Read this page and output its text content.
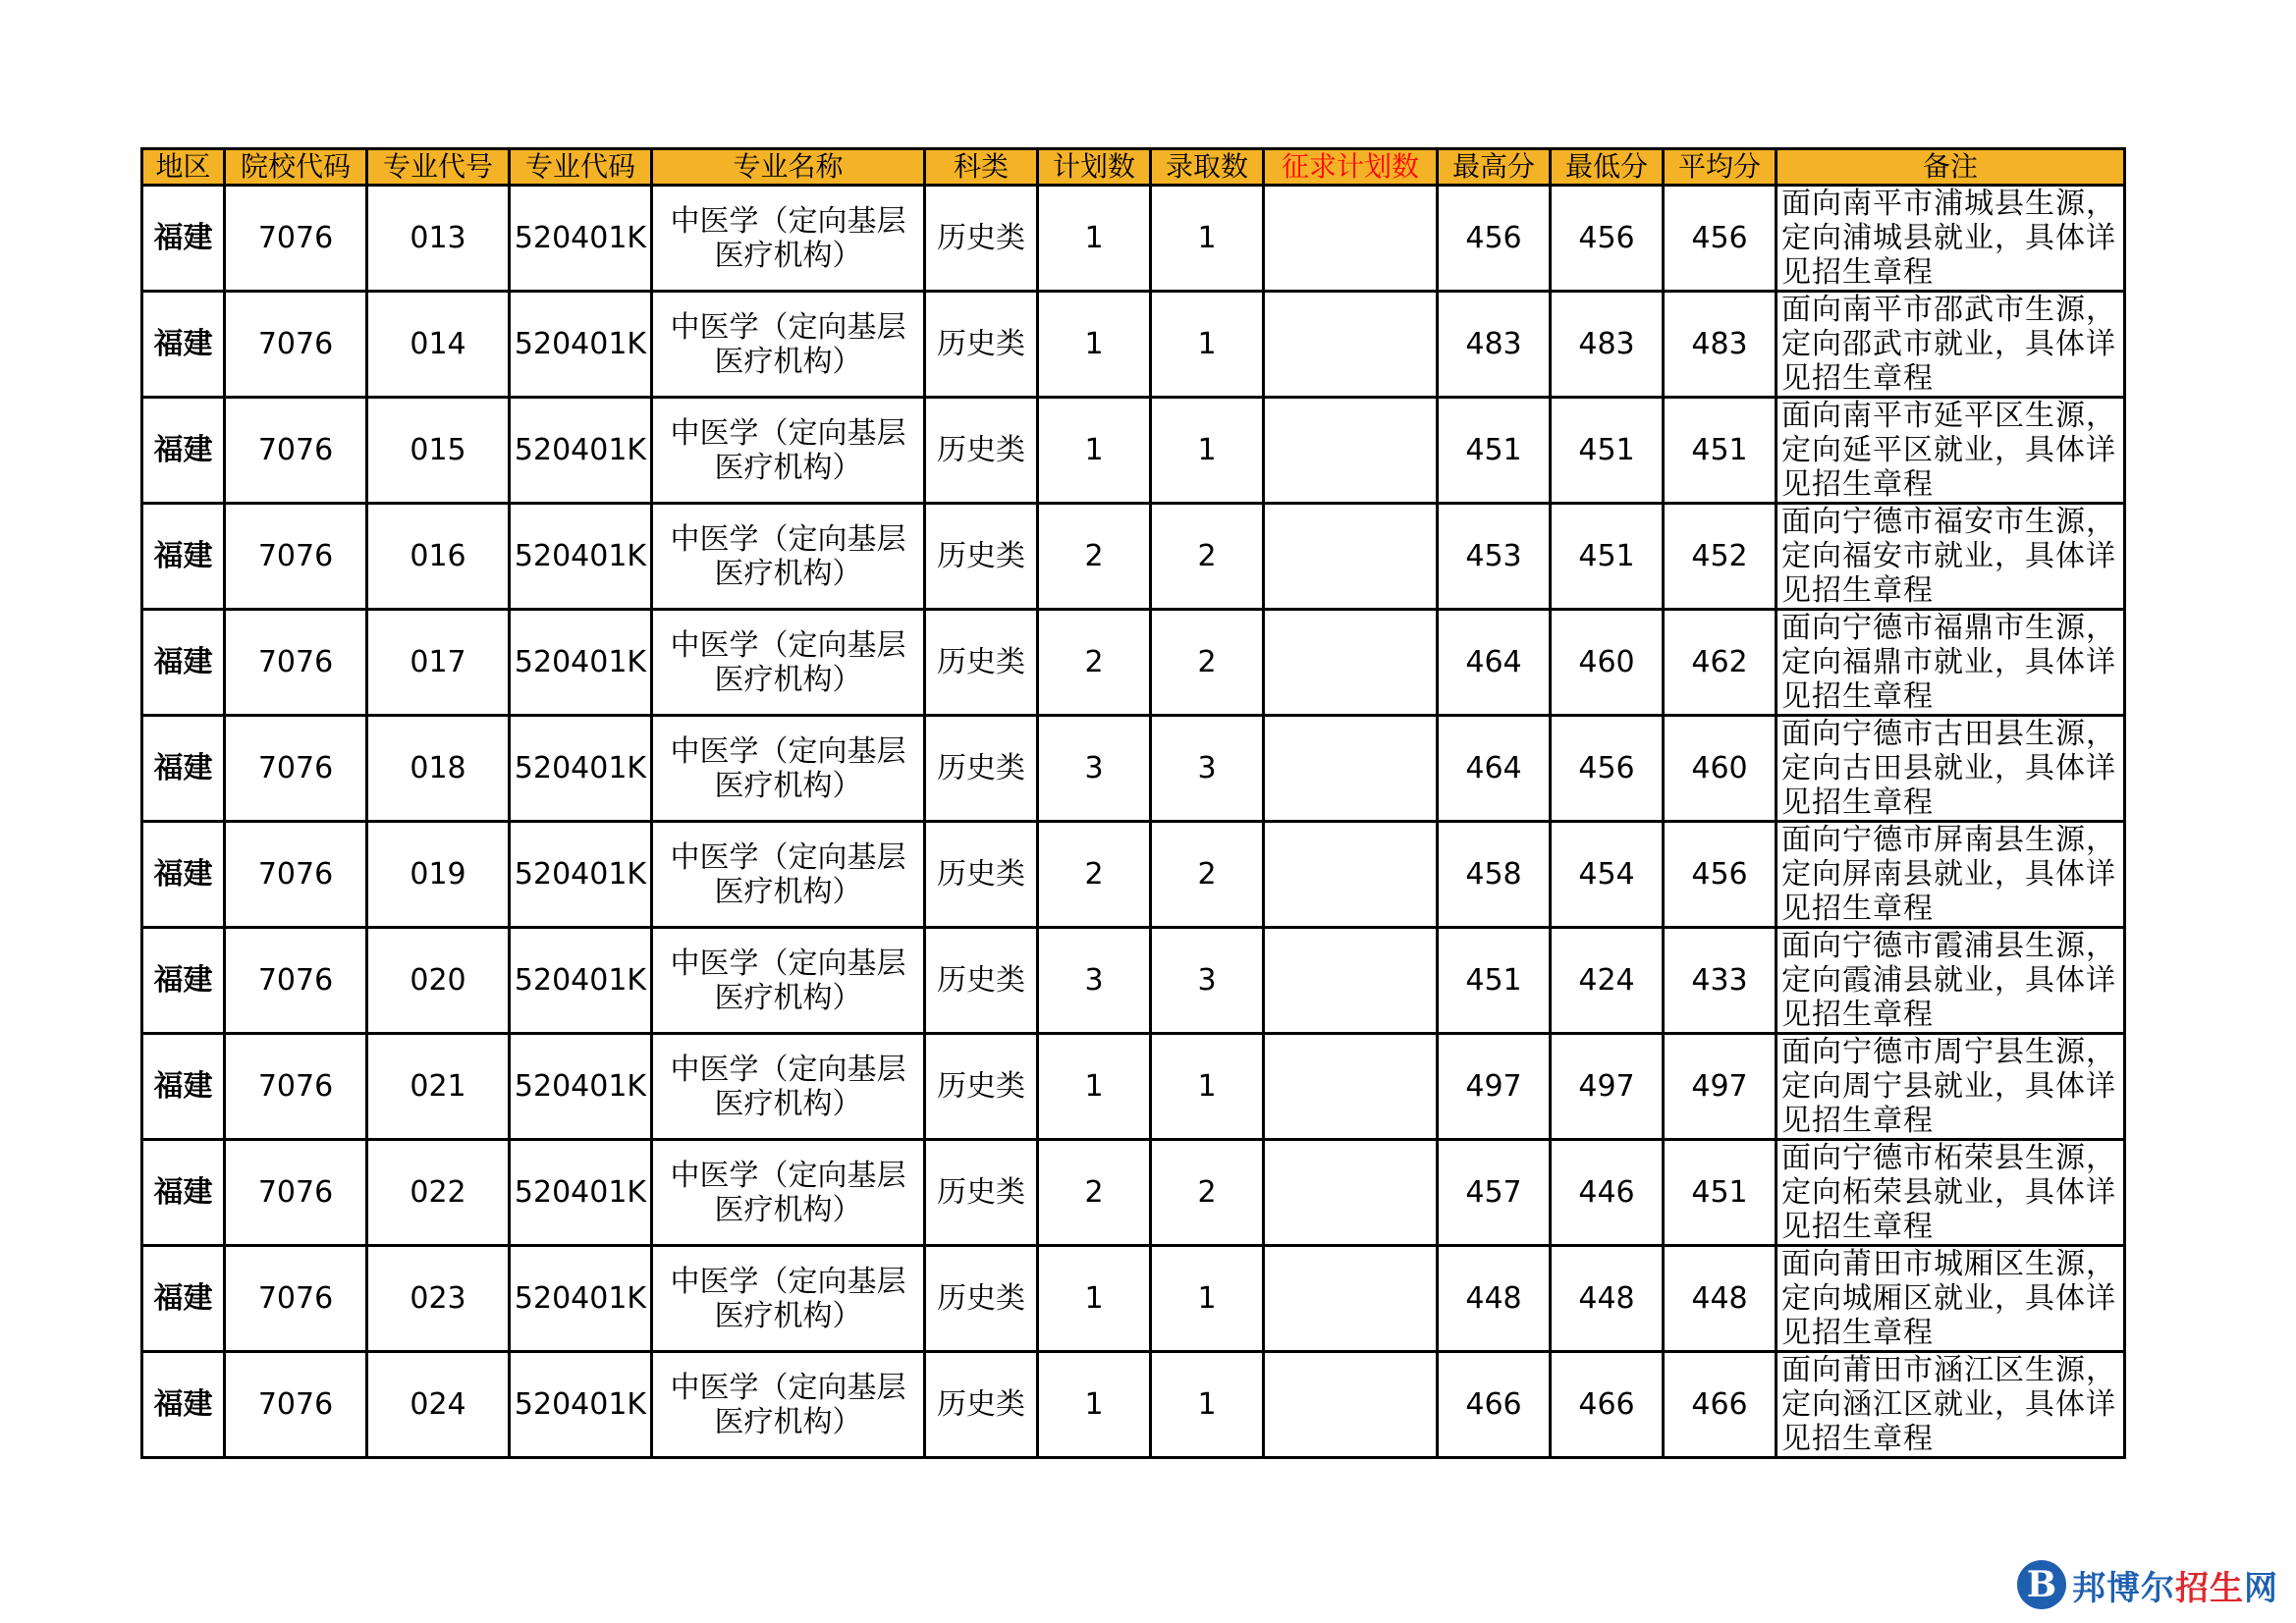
地区	院校代码	专业代号	专业代码	专业名称	科类	计划数	录取数	征求计划数	最高分	最低分	平均分	备注
福建	7076	013	520401K	中医学（定向基层
医疗机构）	历史类	1	1		456	456	456	面向南平市浦城县生源，
定向浦城县就业，具体详
见招生章程

福建	7076	014	520401K	中医学（定向基层
医疗机构）	历史类	1	1		483	483	483	面向南平市邵武市生源，
定向邵武市就业，具体详
见招生章程

福建	7076	015	520401K	中医学（定向基层
医疗机构）	历史类	1	1		451	451	451	面向南平市延平区生源，
定向延平区就业，具体详
见招生章程

福建	7076	016	520401K	中医学（定向基层
医疗机构）	历史类	2	2		453	451	452	面向宁德市福安市生源，
定向福安市就业，具体详
见招生章程

福建	7076	017	520401K	中医学（定向基层
医疗机构）	历史类	2	2		464	460	462	面向宁德市福鼎市生源，
定向福鼎市就业，具体详
见招生章程

福建	7076	018	520401K	中医学（定向基层
医疗机构）	历史类	3	3		464	456	460	面向宁德市古田县生源，
定向古田县就业，具体详
见招生章程

福建	7076	019	520401K	中医学（定向基层
医疗机构）	历史类	2	2		458	454	456	面向宁德市屏南县生源，
定向屏南县就业，具体详
见招生章程

福建	7076	020	520401K	中医学（定向基层
医疗机构）	历史类	3	3		451	424	433	面向宁德市霞浦县生源，
定向霞浦县就业，具体详
见招生章程

福建	7076	021	520401K	中医学（定向基层
医疗机构）	历史类	1	1		497	497	497	面向宁德市周宁县生源，
定向周宁县就业，具体详
见招生章程

福建	7076	022	520401K	中医学（定向基层
医疗机构）	历史类	2	2		457	446	451	面向宁德市柘荣县生源，
定向柘荣县就业，具体详
见招生章程

福建	7076	023	520401K	中医学（定向基层
医疗机构）	历史类	1	1		448	448	448	面向莆田市城厢区生源，
定向城厢区就业，具体详
见招生章程

福建	7076	024	520401K	中医学（定向基层
医疗机构）	历史类	1	1		466	466	466	面向莆田市涵江区生源，
定向涵江区就业，具体详
见招生章程
B 邦博尔招生网
